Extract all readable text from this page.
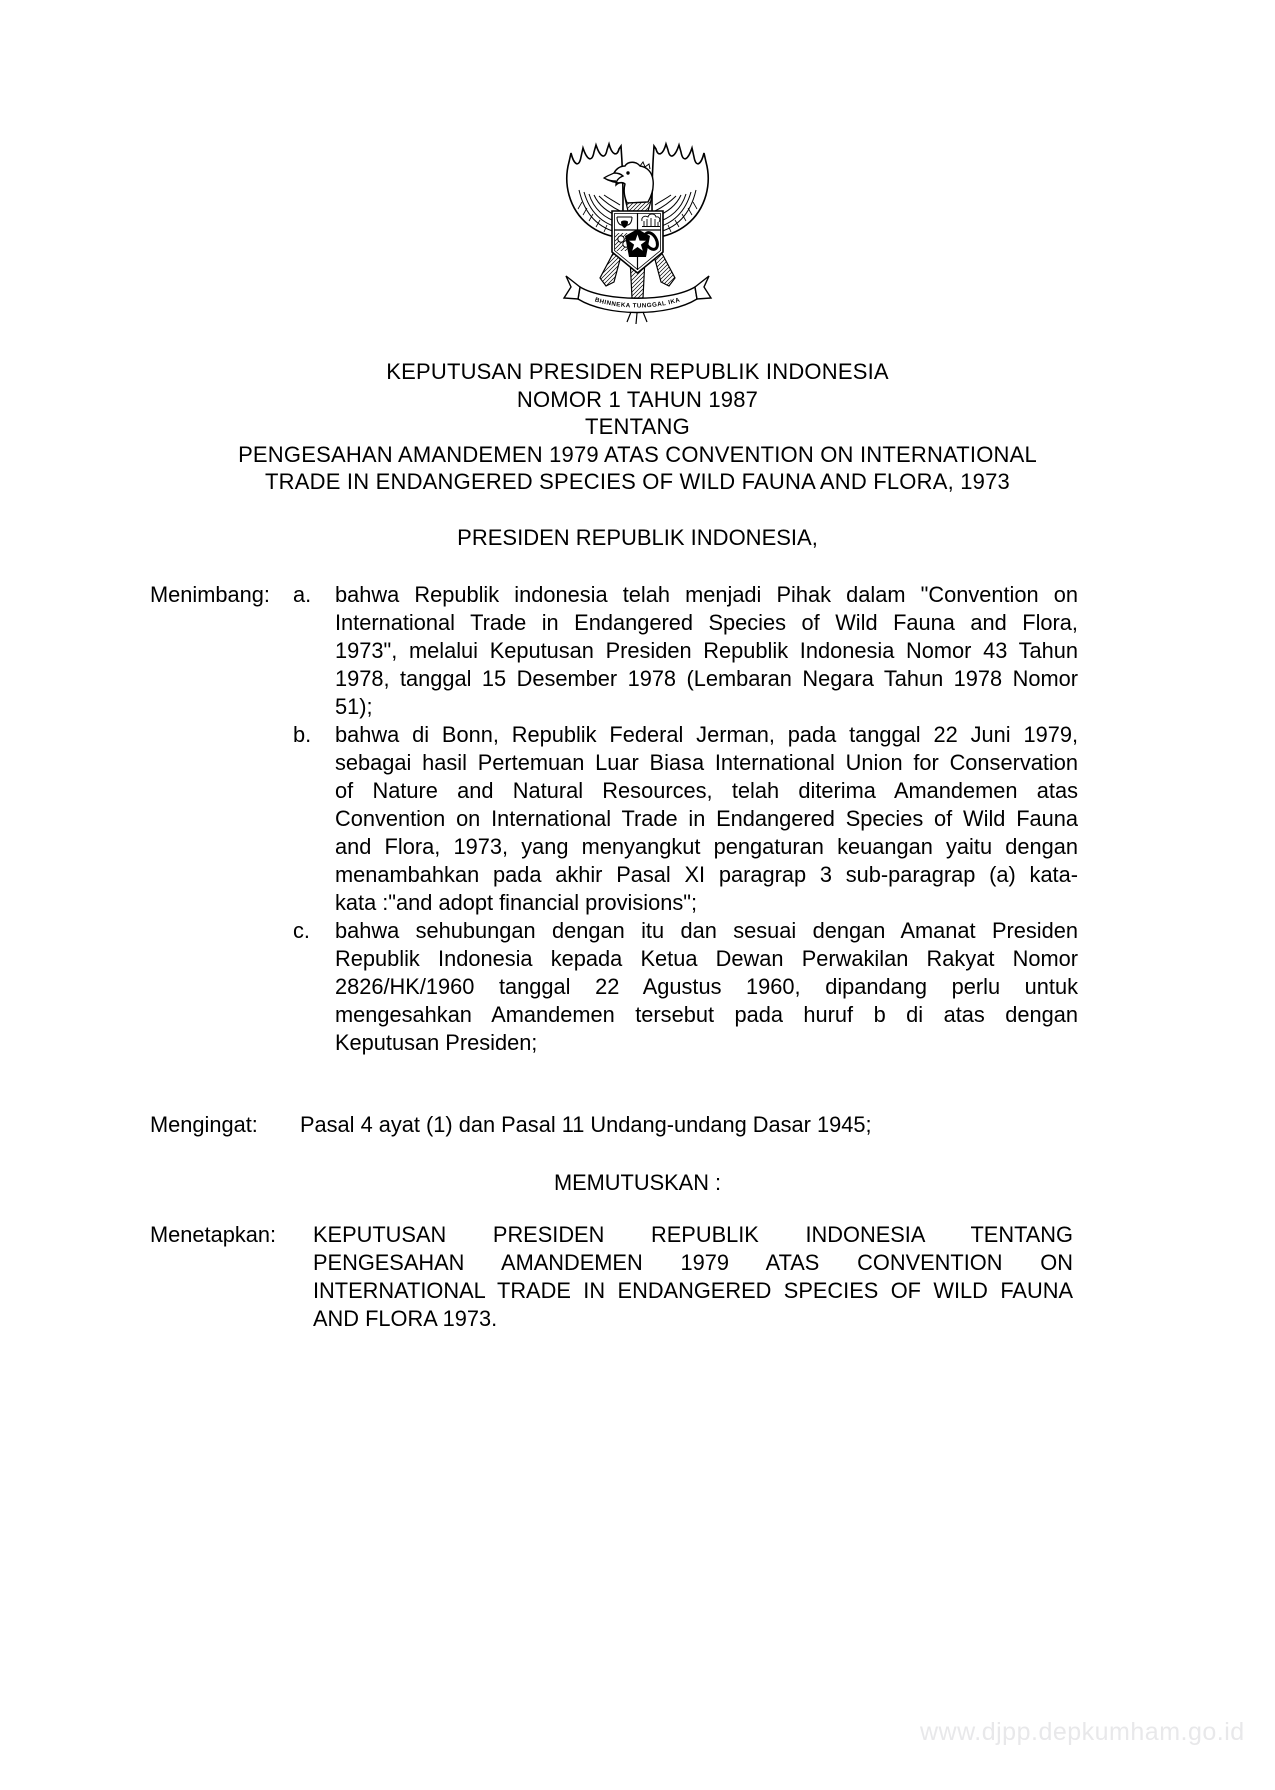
BHINNEKA TUNGGAL IKA
KEPUTUSAN PRESIDEN REPUBLIK INDONESIA
NOMOR 1 TAHUN 1987
TENTANG
PENGESAHAN AMANDEMEN 1979 ATAS CONVENTION ON INTERNATIONAL
TRADE IN ENDANGERED SPECIES OF WILD FAUNA AND FLORA, 1973
PRESIDEN REPUBLIK INDONESIA,
Menimbang:	a.	bahwa Republik indonesia telah menjadi Pihak dalam "Convention on
International Trade in Endangered Species of Wild Fauna and Flora,
1973", melalui Keputusan Presiden Republik Indonesia Nomor 43 Tahun
1978, tanggal 15 Desember 1978 (Lembaran Negara Tahun 1978 Nomor
51);
b.	bahwa di Bonn, Republik Federal Jerman, pada tanggal 22 Juni 1979,
sebagai hasil Pertemuan Luar Biasa International Union for Conservation
of Nature and Natural Resources, telah diterima Amandemen atas
Convention on International Trade in Endangered Species of Wild Fauna
and Flora, 1973, yang menyangkut pengaturan keuangan yaitu dengan
menambahkan pada akhir Pasal XI paragrap 3 sub-paragrap (a) kata-
kata :"and adopt financial provisions";
c.	bahwa sehubungan dengan itu dan sesuai dengan Amanat Presiden
Republik Indonesia kepada Ketua Dewan Perwakilan Rakyat Nomor
2826/HK/1960 tanggal 22 Agustus 1960, dipandang perlu untuk
mengesahkan Amandemen tersebut pada huruf b di atas dengan
Keputusan Presiden;
Mengingat:	Pasal 4 ayat (1) dan Pasal 11 Undang-undang Dasar 1945;
MEMUTUSKAN :
Menetapkan:	KEPUTUSAN PRESIDEN REPUBLIK INDONESIA TENTANG
PENGESAHAN AMANDEMEN 1979 ATAS CONVENTION ON
INTERNATIONAL TRADE IN ENDANGERED SPECIES OF WILD FAUNA
AND FLORA 1973.
www.djpp.depkumham.go.id
